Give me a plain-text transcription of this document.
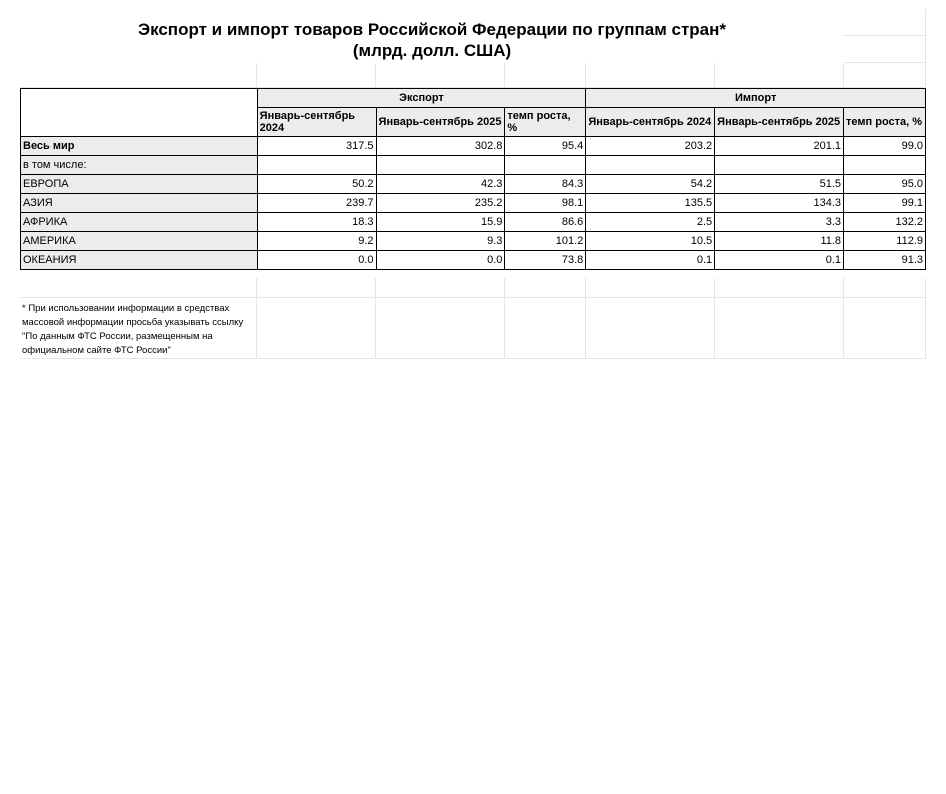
Экспорт и импорт товаров Российской Федерации по группам стран*
(млрд. долл. США)
	Экспорт			Импорт		
	Январь-сентябрь 2024	Январь-сентябрь 2025	темп роста, %	Январь-сентябрь 2024	Январь-сентябрь 2025	темп роста, %
Весь мир	317.5	302.8	95.4	203.2	201.1	99.0
в том числе:						
ЕВРОПА	50.2	42.3	84.3	54.2	51.5	95.0
АЗИЯ	239.7	235.2	98.1	135.5	134.3	99.1
АФРИКА	18.3	15.9	86.6	2.5	3.3	132.2
АМЕРИКА	9.2	9.3	101.2	10.5	11.8	112.9
ОКЕАНИЯ	0.0	0.0	73.8	0.1	0.1	91.3
* При использовании информации в средствах массовой информации просьба указывать ссылку "По данным ФТС России, размещенным на официальном сайте ФТС России"
